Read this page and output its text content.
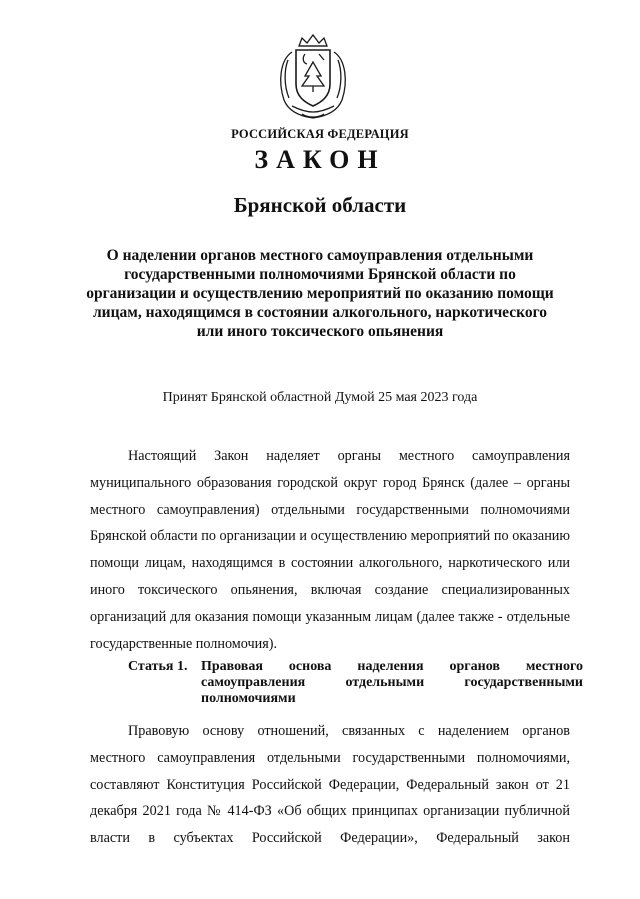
РОССИЙСКАЯ ФЕДЕРАЦИЯ
ЗАКОН
Брянской области
О наделении органов местного самоуправления отдельными государственными полномочиями Брянской области по организации и осуществлению мероприятий по оказанию помощи лицам, находящимся в состоянии алкогольного, наркотического или иного токсического опьянения
Принят Брянской областной Думой 25 мая 2023 года
Настоящий Закон наделяет органы местного самоуправления муниципального образования городской округ город Брянск (далее – органы местного самоуправления) отдельными государственными полномочиями Брянской области по организации и осуществлению мероприятий по оказанию помощи лицам, находящимся в состоянии алкогольного, наркотического или иного токсического опьянения, включая создание специализированных организаций для оказания помощи указанным лицам (далее также - отдельные государственные полномочия).
Статья 1. Правовая основа наделения органов местного самоуправления отдельными государственными полномочиями
Правовую основу отношений, связанных с наделением органов местного самоуправления отдельными государственными полномочиями, составляют Конституция Российской Федерации, Федеральный закон от 21 декабря 2021 года № 414-ФЗ «Об общих принципах организации публичной власти в субъектах Российской Федерации», Федеральный закон
